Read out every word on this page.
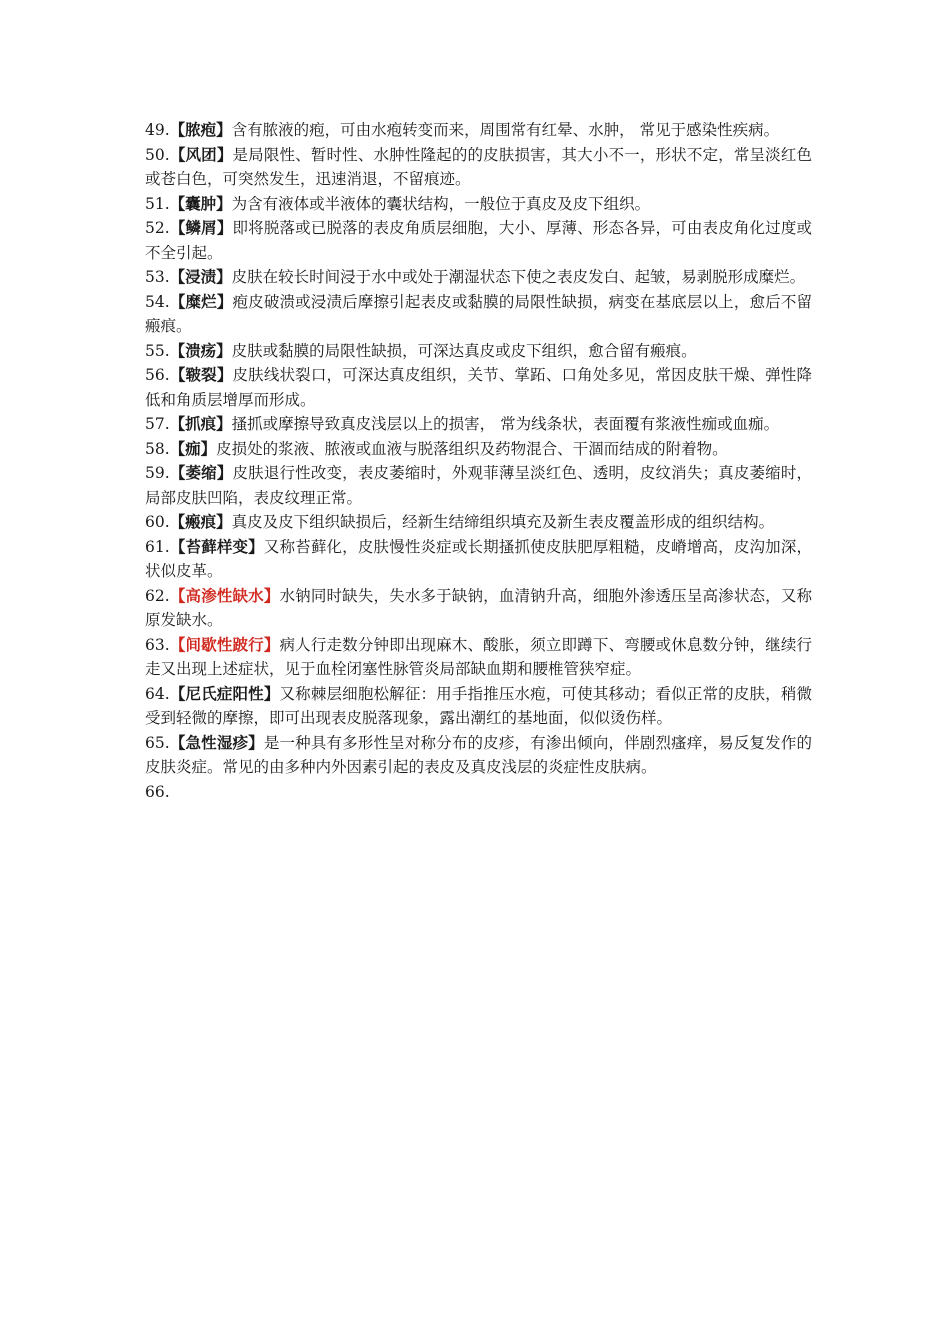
49.【脓疱】含有脓液的疱，可由水疱转变而来，周围常有红晕、水肿， 常见于感染性疾病。

50.【风团】是局限性、暂时性、水肿性隆起的的皮肤损害，其大小不一，形状不定，常呈淡红色或苍白色，可突然发生，迅速消退，不留痕迹。

51.【囊肿】为含有液体或半液体的囊状结构，一般位于真皮及皮下组织。

52.【鳞屑】即将脱落或已脱落的表皮角质层细胞，大小、厚薄、形态各异，可由表皮角化过度或不全引起。

53.【浸渍】皮肤在较长时间浸于水中或处于潮湿状态下使之表皮发白、起皱，易剥脱形成糜烂。

54.【糜烂】疱皮破溃或浸渍后摩擦引起表皮或黏膜的局限性缺损，病变在基底层以上，愈后不留瘢痕。

55.【溃疡】皮肤或黏膜的局限性缺损，可深达真皮或皮下组织，愈合留有瘢痕。

56.【皲裂】皮肤线状裂口，可深达真皮组织，关节、掌跖、口角处多见，常因皮肤干燥、弹性降低和角质层增厚而形成。

57.【抓痕】搔抓或摩擦导致真皮浅层以上的损害， 常为线条状，表面覆有浆液性痂或血痂。

58.【痂】皮损处的浆液、脓液或血液与脱落组织及药物混合、干涸而结成的附着物。

59.【萎缩】皮肤退行性改变，表皮萎缩时，外观菲薄呈淡红色、透明，皮纹消失；真皮萎缩时，局部皮肤凹陷，表皮纹理正常。

60.【瘢痕】真皮及皮下组织缺损后，经新生结缔组织填充及新生表皮覆盖形成的组织结构。

61.【苔藓样变】又称苔藓化，皮肤慢性炎症或长期搔抓使皮肤肥厚粗糙，皮嵴增高，皮沟加深，状似皮革。

62.【高渗性缺水】水钠同时缺失，失水多于缺钠，血清钠升高，细胞外渗透压呈高渗状态，又称原发缺水。

63.【间歇性跛行】病人行走数分钟即出现麻木、酸胀，须立即蹲下、弯腰或休息数分钟，继续行走又出现上述症状，见于血栓闭塞性脉管炎局部缺血期和腰椎管狭窄症。

64.【尼氏症阳性】又称棘层细胞松解征：用手指推压水疱，可使其移动；看似正常的皮肤，稍微受到轻微的摩擦，即可出现表皮脱落现象，露出潮红的基地面，似似烫伤样。

65.【急性湿疹】是一种具有多形性呈对称分布的皮疹，有渗出倾向，伴剧烈瘙痒，易反复发作的皮肤炎症。常见的由多种内外因素引起的表皮及真皮浅层的炎症性皮肤病。

66.
